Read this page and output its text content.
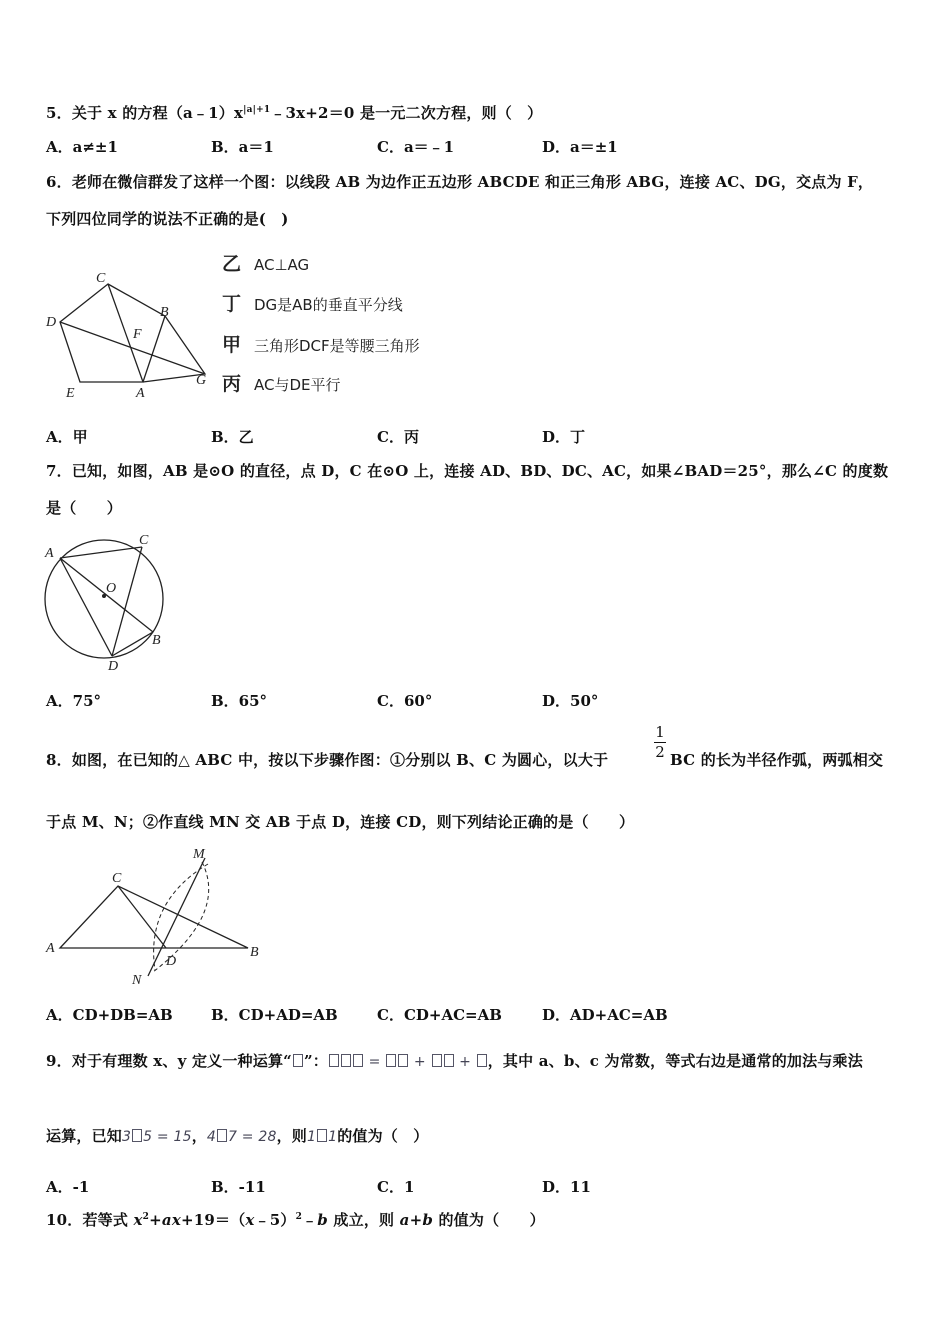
5．关于 x 的方程$(a﹣1)x^{|a|+1}﹣3x+2=0$ 是一元二次方程，则（　）
A．a≠±1	B．a＝1	C．a＝﹣1	D．a＝±1
6．老师在微信群发了这样一个图：以线段 AB 为边作正五边形 ABCDE 和正三角形 ABG，连接 AC、DG，交点为 F，
下列四位同学的说法不正确的是(　)
C
B
D
F
E	A
G
乙 AC⊥AG
丁 DG是AB的垂直平分线
甲 三角形DCF是等腰三角形
丙 AC与DE平行
A．甲	B．乙	C．丙	D．丁
7．已知，如图，AB 是⊙O 的直径，点 D，C 在⊙O 上，连接 AD、BD、DC、AC，如果∠BAD＝25°，那么∠C 的度数
是（　　）
A
C
O
B
D
A．75°	B．65°	C．60°	D．50°
8．如图，在已知的△ ABC 中，按以下步骤作图：①分别以 B、C 为圆心，以大于
1
2 BC 的长为半径作弧，两弧相交
于点 M、N；②作直线 MN 交 AB 于点 D，连接 CD，则下列结论正确的是（　　）
M
C
A
D
B
N
A．CD+DB=AB	B．CD+AD=AB	C．CD+AC=AB	D．AD+AC=AB
9．对于有理数 x、y 定义一种运算“ ”：	=  +  + ，其中 a、b、c 为常数，等式右边是通常的加法与乘法
运算，已知3 5 = 15，4 7 = 28，则1 1的值为（　）
A．-1	B．-11	C．1	D．11
10．若等式 $x^2+ax+19=(x﹣5)^2﹣b$ 成立，则 a+b 的值为（　　）
